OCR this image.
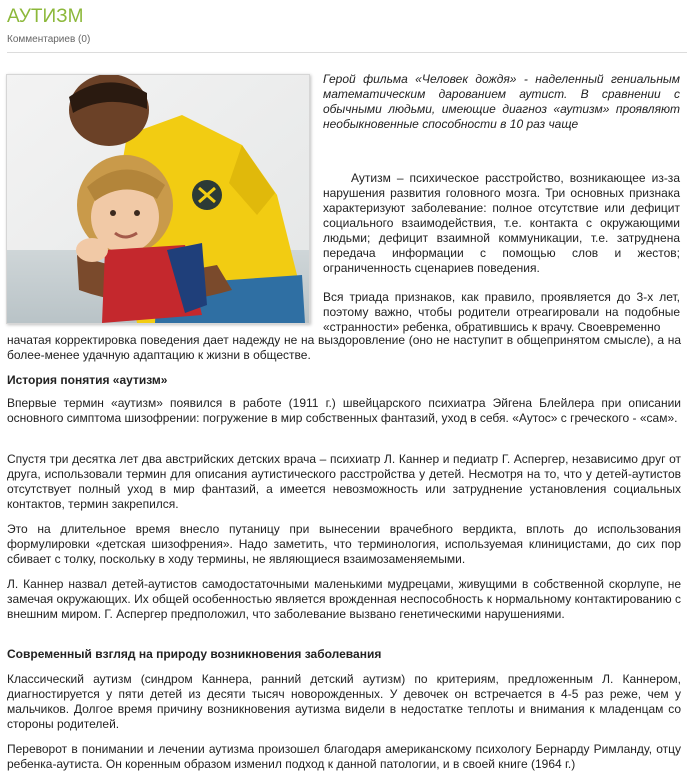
АУТИЗМ
Комментариев (0)

Герой фильма «Человек дождя» - наделенный гениальным математическим дарованием аутист. В сравнении с обычными людьми, имеющие диагноз «аутизм» проявляют необыкновенные способности в 10 раз чаще

Аутизм – психическое расстройство, возникающее из-за нарушения развития головного мозга. Три основных признака характеризуют заболевание: полное отсутствие или дефицит социального взаимодействия, т.е. контакта с окружающими людьми; дефицит взаимной коммуникации, т.е. затруднена передача информации с помощью слов и жестов; ограниченность сценариев поведения.

Вся триада признаков, как правило, проявляется до 3-х лет, поэтому важно, чтобы родители отреагировали на подобные «странности» ребенка, обратившись к врачу. Своевременно

начатая корректировка поведения дает надежду не на выздоровление (оно не наступит в общепринятом смысле), а на более-менее удачную адаптацию к жизни в обществе.

История понятия «аутизм»

Впервые термин «аутизм» появился в работе (1911 г.) швейцарского психиатра Эйгена Блейлера при описании основного симптома шизофрении: погружение в мир собственных фантазий, уход в себя. «Аутос» с греческого - «сам».

Спустя три десятка лет два австрийских детских врача – психиатр Л. Каннер и педиатр Г. Аспергер, независимо друг от друга, использовали термин для описания аутистического расстройства у детей. Несмотря на то, что у детей-аутистов отсутствует полный уход в мир фантазий, а имеется невозможность или затруднение установления социальных контактов, термин закрепился.

Это на длительное время внесло путаницу при вынесении врачебного вердикта, вплоть до использования формулировки «детская шизофрения». Надо заметить, что терминология, используемая клиницистами, до сих пор сбивает с толку, поскольку в ходу термины, не являющиеся взаимозаменяемыми.

Л. Каннер назвал детей-аутистов самодостаточными маленькими мудрецами, живущими в собственной скорлупе, не замечая окружающих. Их общей особенностью является врожденная неспособность к нормальному контактированию с внешним миром. Г. Аспергер предположил, что заболевание вызвано генетическими нарушениями.

Современный взгляд на природу возникновения заболевания

Классический аутизм (синдром Каннера, ранний детский аутизм) по критериям, предложенным Л. Каннером, диагностируется у пяти детей из десяти тысяч новорожденных. У девочек он встречается в 4-5 раз реже, чем у мальчиков. Долгое время причину возникновения аутизма видели в недостатке теплоты и внимания к младенцам со стороны родителей.

Переворот в понимании и лечении аутизма произошел благодаря американскому психологу Бернарду Римланду, отцу ребенка-аутиста. Он коренным образом изменил подход к данной патологии, и в своей книге (1964 г.)
